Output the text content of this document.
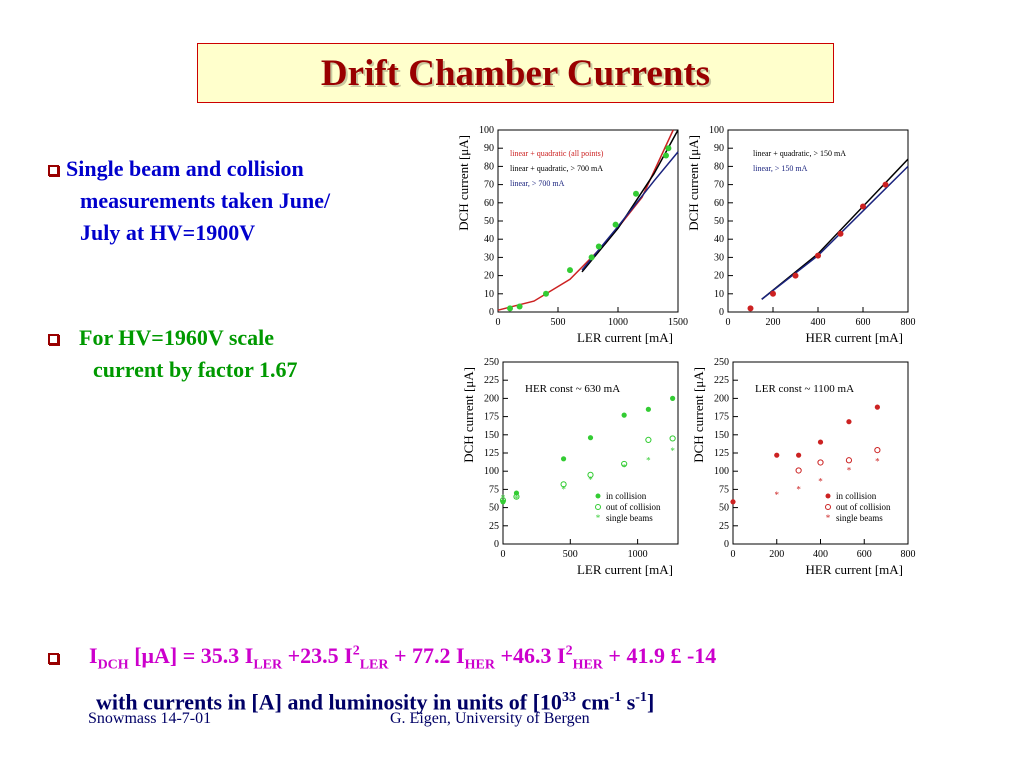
Drift Chamber Currents
Single beam and collision
measurements taken June/
July at HV=1900V
For HV=1960V scale
current by factor 1.67
$I_{DCH}$ [μA] = 35.3 $I_{LER} +23.5$ $I^2_{LER} + 77.2$ $I_{HER} +46.3$ $I^2_{HER} + 41.9$ £ -14
with currents in [A] and luminosity in units of [$10^{33}$ $cm^{-1}$ $s^{-1}$]
Snowmass 14-7-01	G. Eigen, University of Bergen
0	500	1000	1500
0
10
20
30
40
50
60
70
80
90
100
LER current [mA]
DCH current [μA]	linear + quadratic (all points)
linear + quadratic, > 700 mA
linear, > 700 mA
0	200	400	600	800
0
10
20
30
40
50
60
70
80
90
100
HER current [mA]
DCH current [μA]	linear + quadratic, > 150 mA
linear, > 150 mA
0	500	1000
0
25
50
75
100
125
150
175
200
225
250
LER current [mA]
DCH current [μA]	HER const ~ 630 mA
* *
*
*
*
*
*
in collision
out of collision
* single beams
0	200	400	600	800
0
25
50
75
100
125
150
175
200
225
250
HER current [mA]
DCH current [μA]	LER const ~ 1100 mA
*
*
*
*
*
in collision
out of collision
* single beams
